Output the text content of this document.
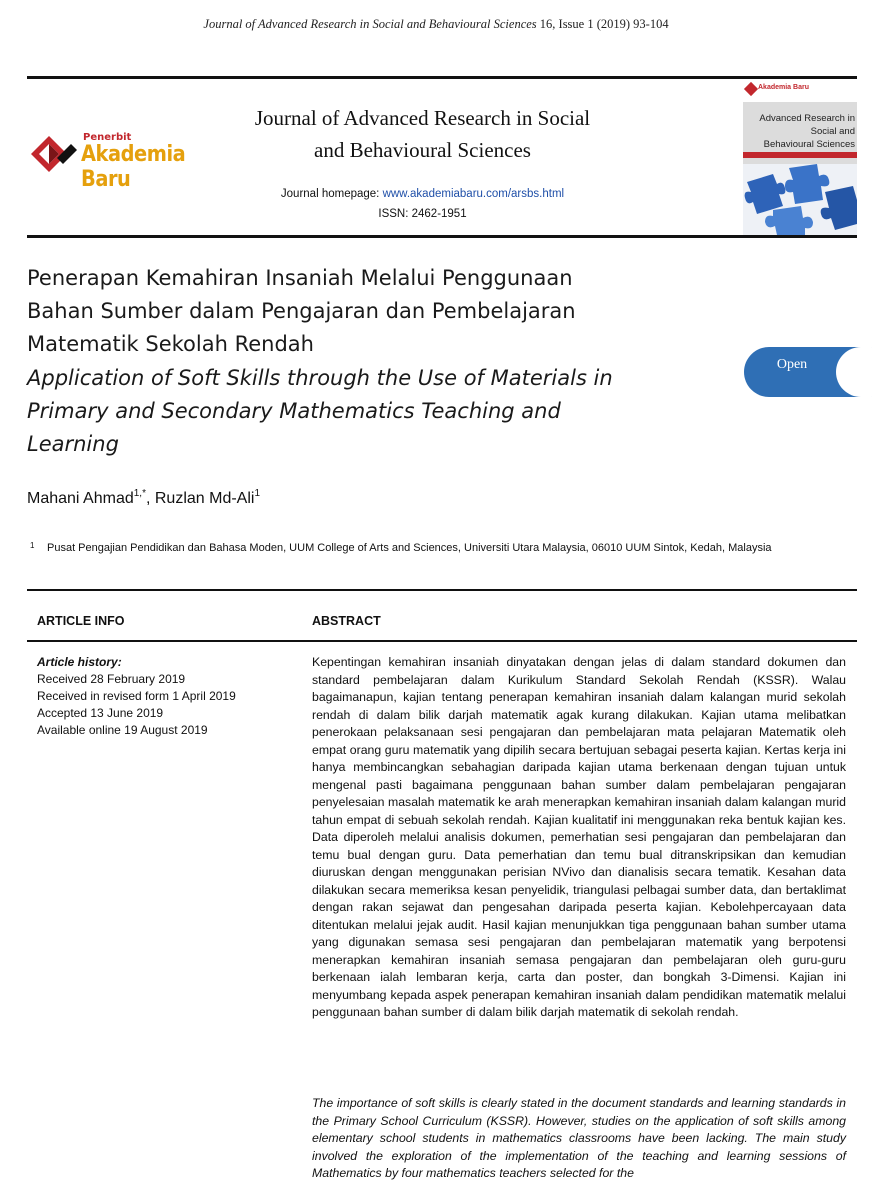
Journal of Advanced Research in Social and Behavioural Sciences 16, Issue 1 (2019) 93-104
Penerbit
Akademia Baru
Journal of Advanced Research in Social
and Behavioural Sciences
Journal homepage: www.akademiabaru.com/arsbs.html
ISSN: 2462-1951
Akademia Baru
Advanced Research in
Social and
Behavioural Sciences
Penerapan Kemahiran Insaniah Melalui Penggunaan
Bahan Sumber dalam Pengajaran dan Pembelajaran
Matematik Sekolah Rendah
Application of Soft Skills through the Use of Materials in
Primary and Secondary Mathematics Teaching and
Learning
Open
Mahani Ahmad$^{1,*}$, Ruzlan Md-Ali$^1$
1	Pusat Pengajian Pendidikan dan Bahasa Moden, UUM College of Arts and Sciences, Universiti Utara Malaysia, 06010 UUM Sintok, Kedah, Malaysia
ARTICLE INFO	ABSTRACT
Article history:
Received 28 February 2019
Received in revised form 1 April 2019
Accepted 13 June 2019
Available online 19 August 2019
Kepentingan kemahiran insaniah dinyatakan dengan jelas di dalam standard dokumen dan standard pembelajaran dalam Kurikulum Standard Sekolah Rendah (KSSR). Walau bagaimanapun, kajian tentang penerapan kemahiran insaniah dalam kalangan murid sekolah rendah di dalam bilik darjah matematik agak kurang dilakukan. Kajian utama melibatkan penerokaan pelaksanaan sesi pengajaran dan pembelajaran mata pelajaran Matematik oleh empat orang guru matematik yang dipilih secara bertujuan sebagai peserta kajian. Kertas kerja ini hanya membincangkan sebahagian daripada kajian utama berkenaan dengan tujuan untuk mengenal pasti bagaimana penggunaan bahan sumber dalam pembelajaran pengajaran penyelesaian masalah matematik ke arah menerapkan kemahiran insaniah dalam kalangan murid tahun empat di sebuah sekolah rendah. Kajian kualitatif ini menggunakan reka bentuk kajian kes. Data diperoleh melalui analisis dokumen, pemerhatian sesi pengajaran dan pembelajaran dan temu bual dengan guru. Data pemerhatian dan temu bual ditranskripsikan dan kemudian diuruskan dengan menggunakan perisian NVivo dan dianalisis secara tematik. Kesahan data dilakukan secara memeriksa kesan penyelidik, triangulasi pelbagai sumber data, dan bertaklimat dengan rakan sejawat dan pengesahan daripada peserta kajian. Kebolehpercayaan data ditentukan melalui jejak audit. Hasil kajian menunjukkan tiga penggunaan bahan sumber utama yang digunakan semasa sesi pengajaran dan pembelajaran matematik yang berpotensi menerapkan kemahiran insaniah semasa pengajaran dan pembelajaran oleh guru-guru berkenaan ialah lembaran kerja, carta dan poster, dan bongkah 3-Dimensi. Kajian ini menyumbang kepada aspek penerapan kemahiran insaniah dalam pendidikan matematik melalui penggunaan bahan sumber di dalam bilik darjah matematik di sekolah rendah.
The importance of soft skills is clearly stated in the document standards and learning standards in the Primary School Curriculum (KSSR). However, studies on the application of soft skills among elementary school students in mathematics classrooms have been lacking. The main study involved the exploration of the implementation of the teaching and learning sessions of Mathematics by four mathematics teachers selected for the
